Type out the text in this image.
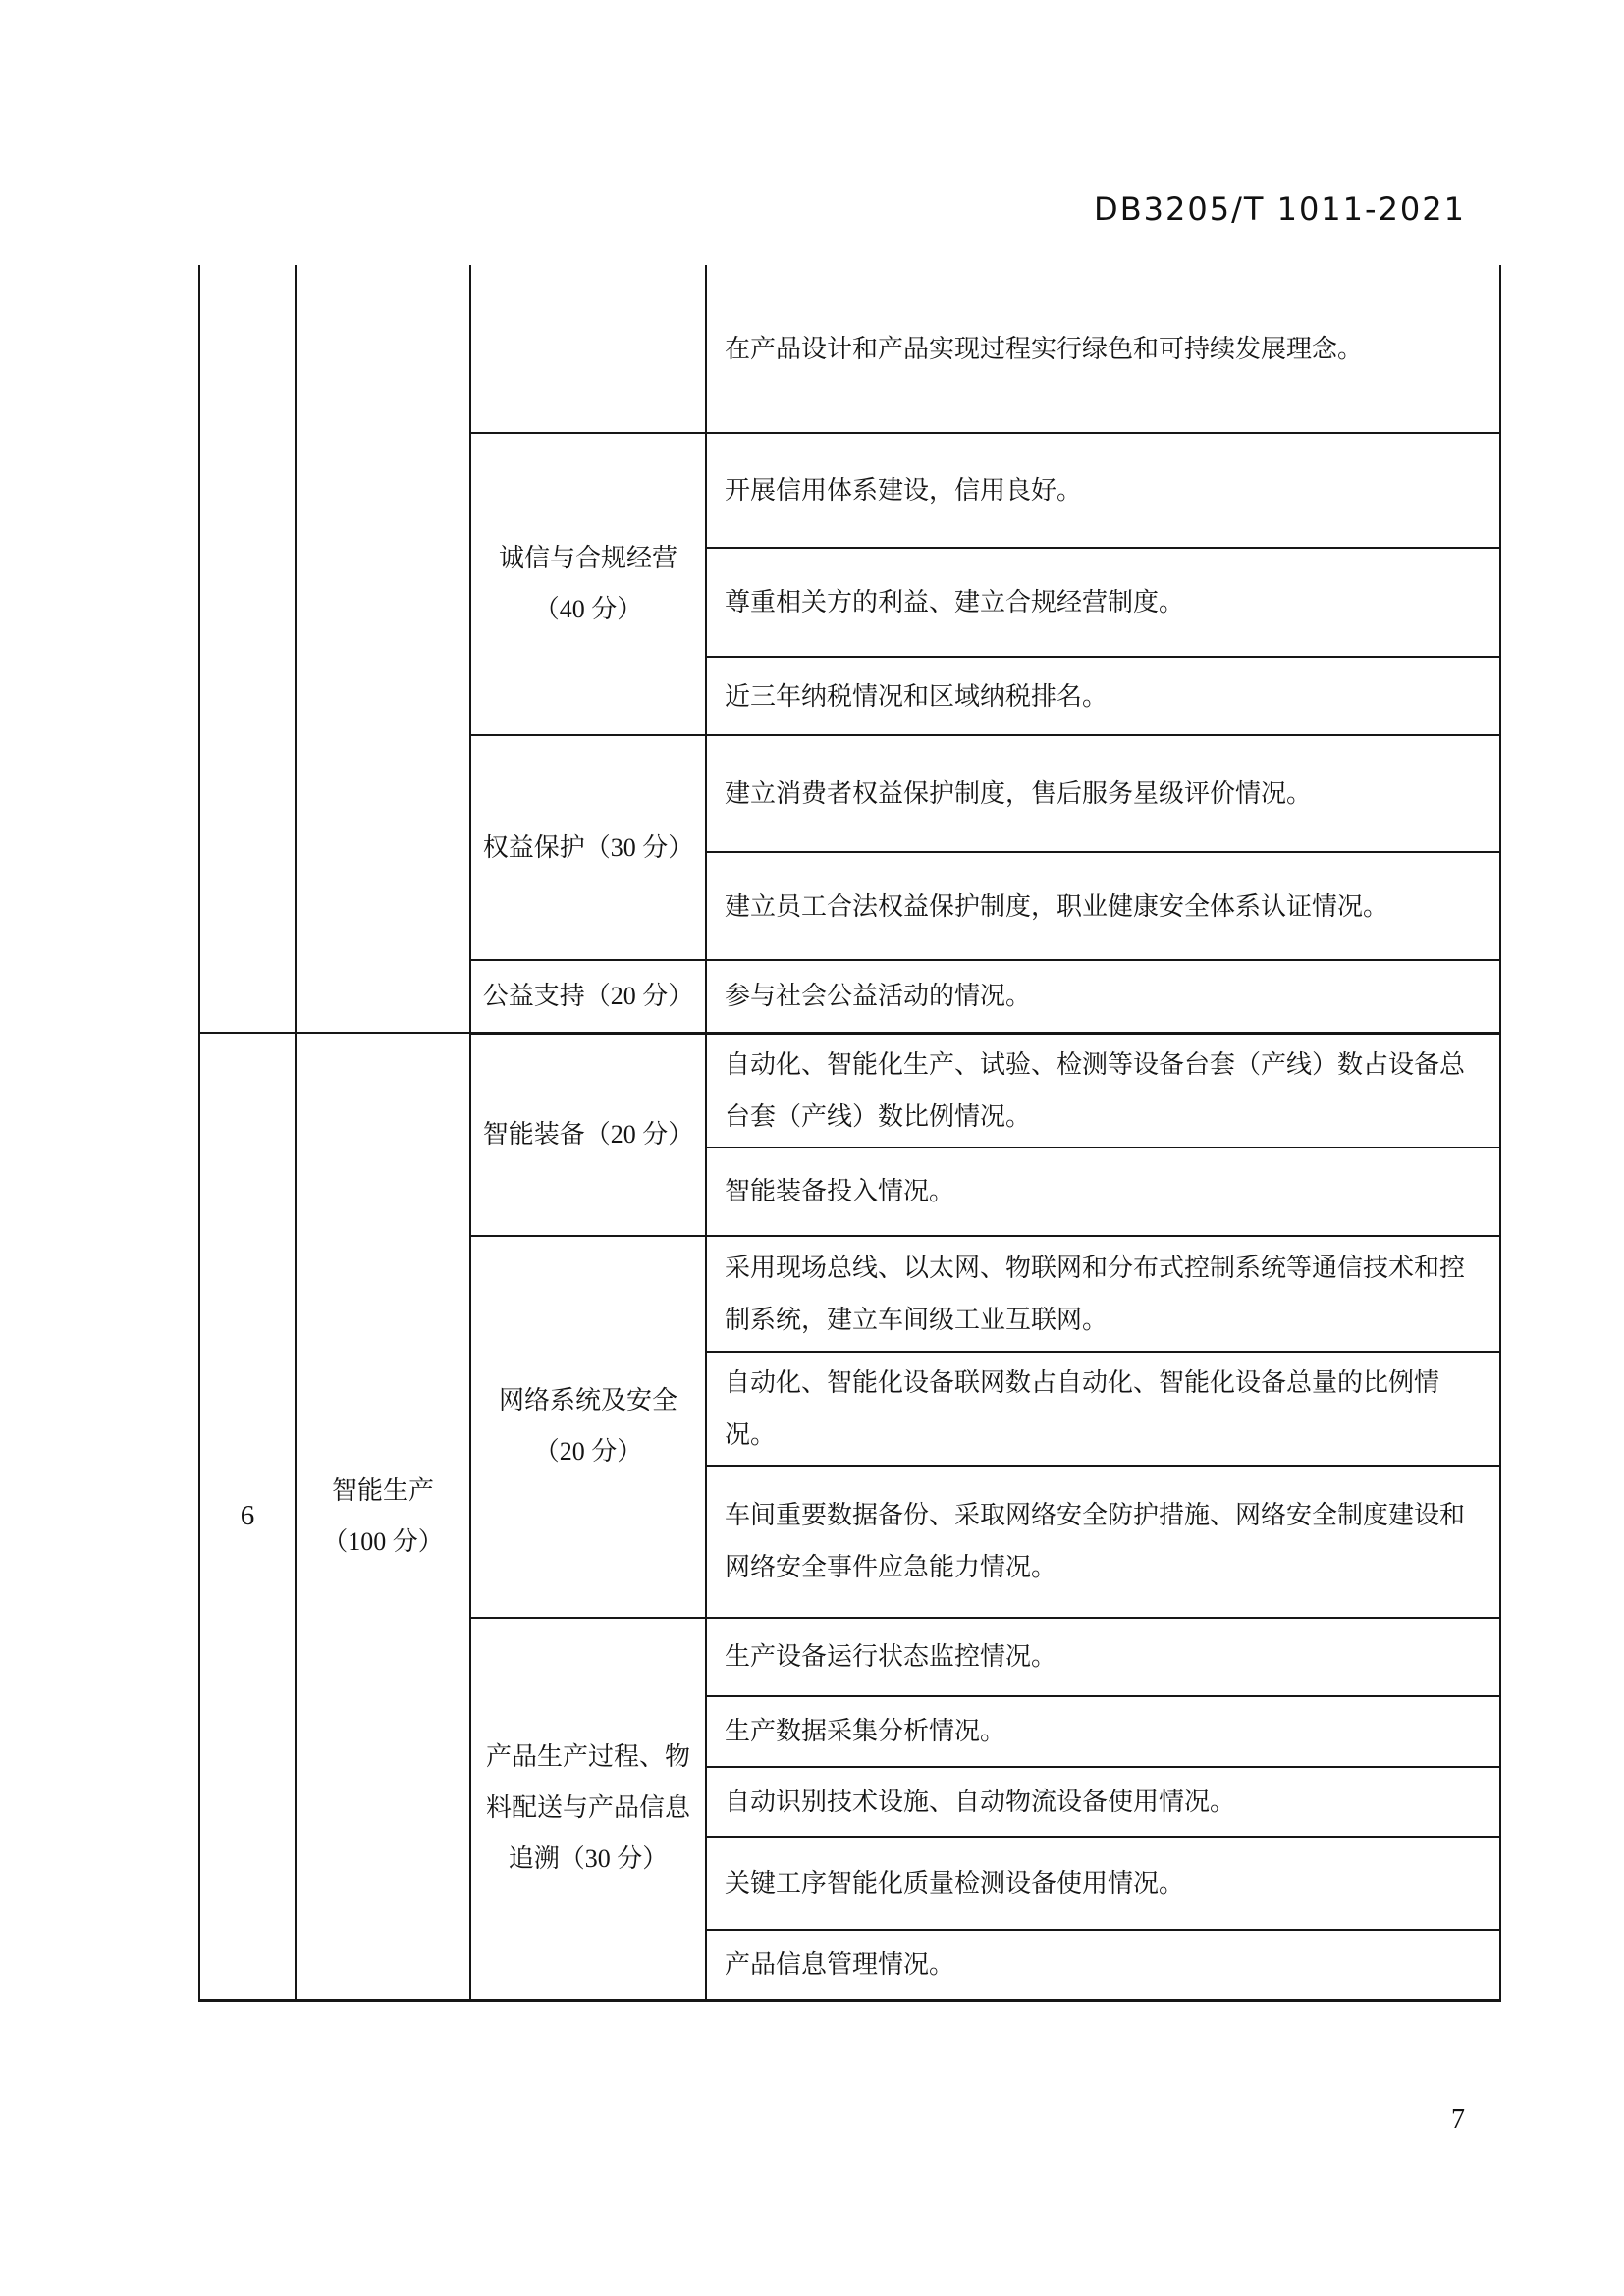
DB3205/T 1011-2021
			在产品设计和产品实现过程实行绿色和可持续发展理念。
		诚信与合规经营（40 分）	开展信用体系建设，信用良好。
			尊重相关方的利益、建立合规经营制度。
			近三年纳税情况和区域纳税排名。
		权益保护（30 分）	建立消费者权益保护制度，售后服务星级评价情况。
			建立员工合法权益保护制度，职业健康安全体系认证情况。
		公益支持（20 分）	参与社会公益活动的情况。
6	智能生产（100 分）	智能装备（20 分）	自动化、智能化生产、试验、检测等设备台套（产线）数占设备总台套（产线）数比例情况。
			智能装备投入情况。
		网络系统及安全（20 分）	采用现场总线、以太网、物联网和分布式控制系统等通信技术和控制系统，建立车间级工业互联网。
			自动化、智能化设备联网数占自动化、智能化设备总量的比例情况。
			车间重要数据备份、采取网络安全防护措施、网络安全制度建设和网络安全事件应急能力情况。
		产品生产过程、物料配送与产品信息追溯（30 分）	生产设备运行状态监控情况。
			生产数据采集分析情况。
			自动识别技术设施、自动物流设备使用情况。
			关键工序智能化质量检测设备使用情况。
			产品信息管理情况。
7
